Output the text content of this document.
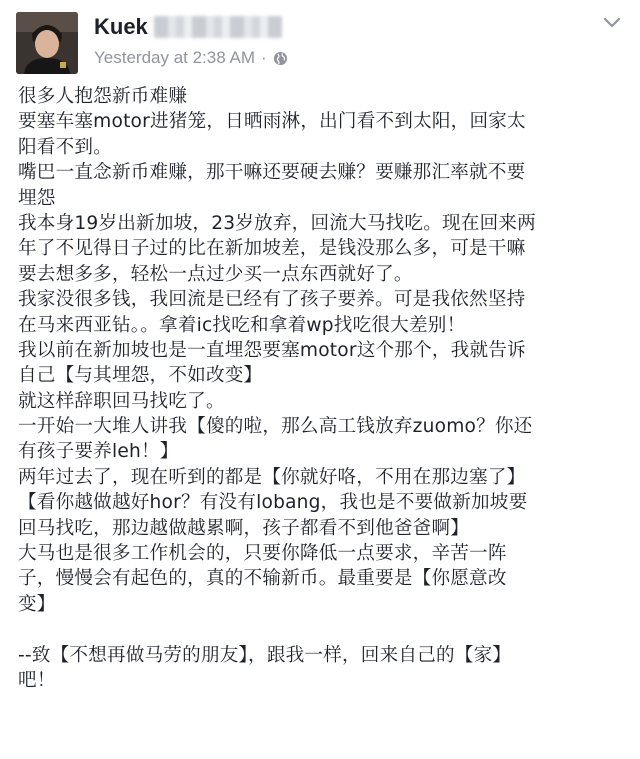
Kuek
Yesterday at 2:38 AM ·
很多人抱怨新币难赚
要塞车塞motor进猪笼，日晒雨淋，出门看不到太阳，回家太
阳看不到。
嘴巴一直念新币难赚，那干嘛还要硬去赚？要赚那汇率就不要
埋怨
我本身19岁出新加坡，23岁放弃，回流大马找吃。现在回来两
年了不见得日子过的比在新加坡差，是钱没那么多，可是干嘛
要去想多多，轻松一点过少买一点东西就好了。
我家没很多钱，我回流是已经有了孩子要养。可是我依然坚持
在马来西亚钻。。拿着ic找吃和拿着wp找吃很大差别！
我以前在新加坡也是一直埋怨要塞motor这个那个，我就告诉
自己【与其埋怨，不如改变】
就这样辞职回马找吃了。
一开始一大堆人讲我【傻的啦，那么高工钱放弃zuomo？你还
有孩子要养leh！】
两年过去了，现在听到的都是【你就好咯，不用在那边塞了】
【看你越做越好hor？有没有lobang，我也是不要做新加坡要
回马找吃，那边越做越累啊，孩子都看不到他爸爸啊】
大马也是很多工作机会的，只要你降低一点要求，辛苦一阵
子，慢慢会有起色的，真的不输新币。最重要是【你愿意改
变】
--致【不想再做马劳的朋友】，跟我一样，回来自己的【家】
吧！
